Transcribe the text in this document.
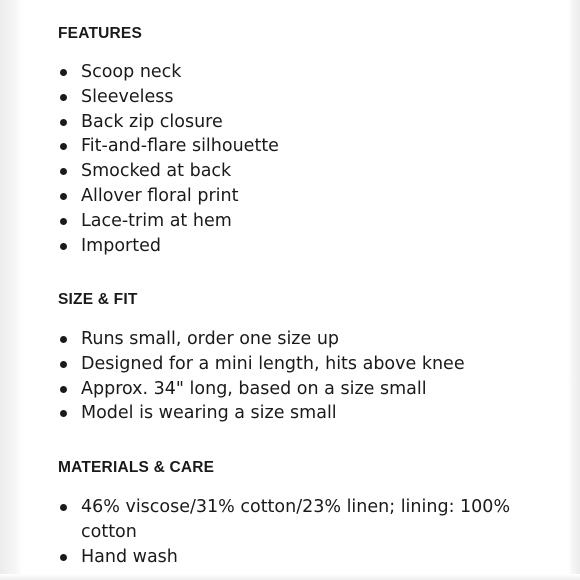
FEATURES
Scoop neck
Sleeveless
Back zip closure
Fit-and-flare silhouette
Smocked at back
Allover floral print
Lace-trim at hem
Imported
SIZE & FIT
Runs small, order one size up
Designed for a mini length, hits above knee
Approx. 34" long, based on a size small
Model is wearing a size small
MATERIALS & CARE
46% viscose/31% cotton/23% linen; lining: 100% cotton
Hand wash
